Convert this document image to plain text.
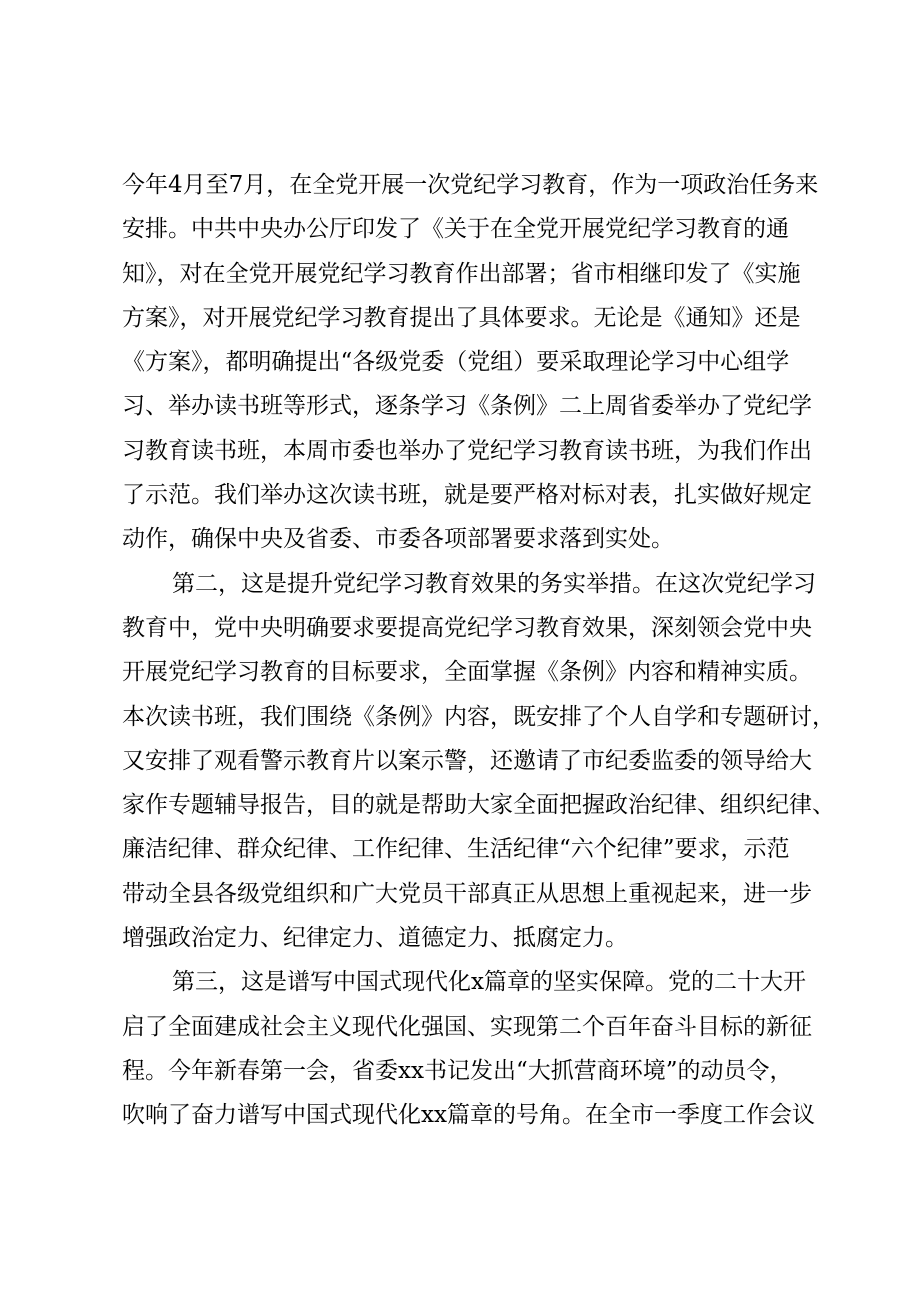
今年4月至7月，在全党开展一次党纪学习教育，作为一项政治任务来
安排。中共中央办公厅印发了《关于在全党开展党纪学习教育的通
知》，对在全党开展党纪学习教育作出部署；省市相继印发了《实施
方案》，对开展党纪学习教育提出了具体要求。无论是《通知》还是
《方案》，都明确提出“各级党委（党组）要采取理论学习中心组学
习、举办读书班等形式，逐条学习《条例》二上周省委举办了党纪学
习教育读书班，本周市委也举办了党纪学习教育读书班，为我们作出
了示范。我们举办这次读书班，就是要严格对标对表，扎实做好规定
动作，确保中央及省委、市委各项部署要求落到实处。
第二，这是提升党纪学习教育效果的务实举措。在这次党纪学习
教育中，党中央明确要求要提高党纪学习教育效果，深刻领会党中央
开展党纪学习教育的目标要求，全面掌握《条例》内容和精神实质。
本次读书班，我们围绕《条例》内容，既安排了个人自学和专题研讨，
又安排了观看警示教育片以案示警，还邀请了市纪委监委的领导给大
家作专题辅导报告，目的就是帮助大家全面把握政治纪律、组织纪律、
廉洁纪律、群众纪律、工作纪律、生活纪律“六个纪律”要求，示范
带动全县各级党组织和广大党员干部真正从思想上重视起来，进一步
增强政治定力、纪律定力、道德定力、抵腐定力。
第三，这是谱写中国式现代化x篇章的坚实保障。党的二十大开
启了全面建成社会主义现代化强国、实现第二个百年奋斗目标的新征
程。今年新春第一会，省委xx书记发出“大抓营商环境”的动员令，
吹响了奋力谱写中国式现代化xx篇章的号角。在全市一季度工作会议
